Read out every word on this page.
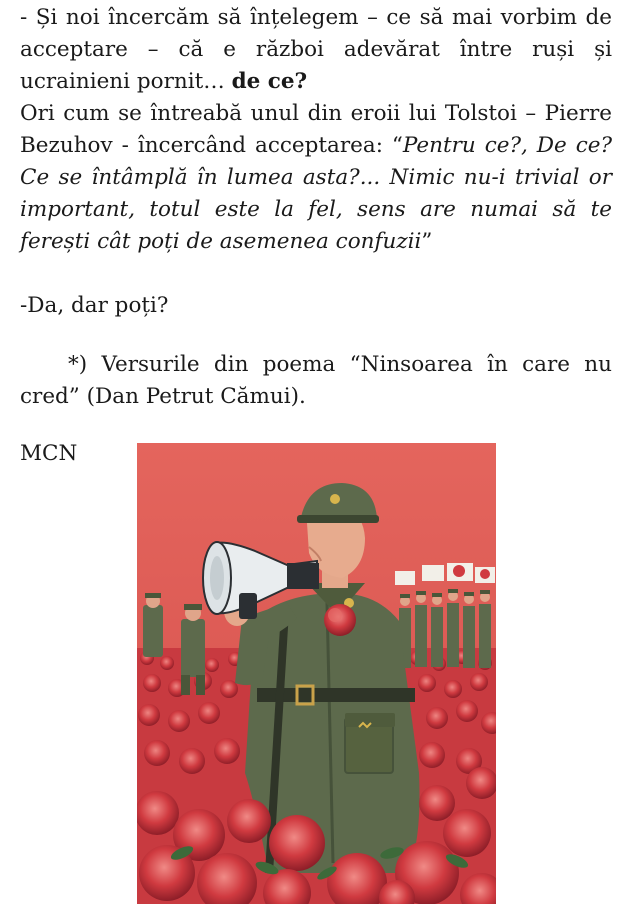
- Și noi încercăm să înțelegem – ce să mai vorbim de acceptare – că e război adevărat între ruși și ucrainieni pornit… de ce?

Ori cum se întreabă unul din eroii lui Tolstoi – Pierre Bezuhov - încercând acceptarea: “Pentru ce?, De ce? Ce se întâmplă în lumea asta?... Nimic nu-i trivial or important, totul este la fel, sens are numai să te ferești cât poți de asemenea confuzii”

-Da, dar poți?

*) Versurile din poema “Ninsoarea în care nu cred” (Dan Petrut Cămui).

MCN
